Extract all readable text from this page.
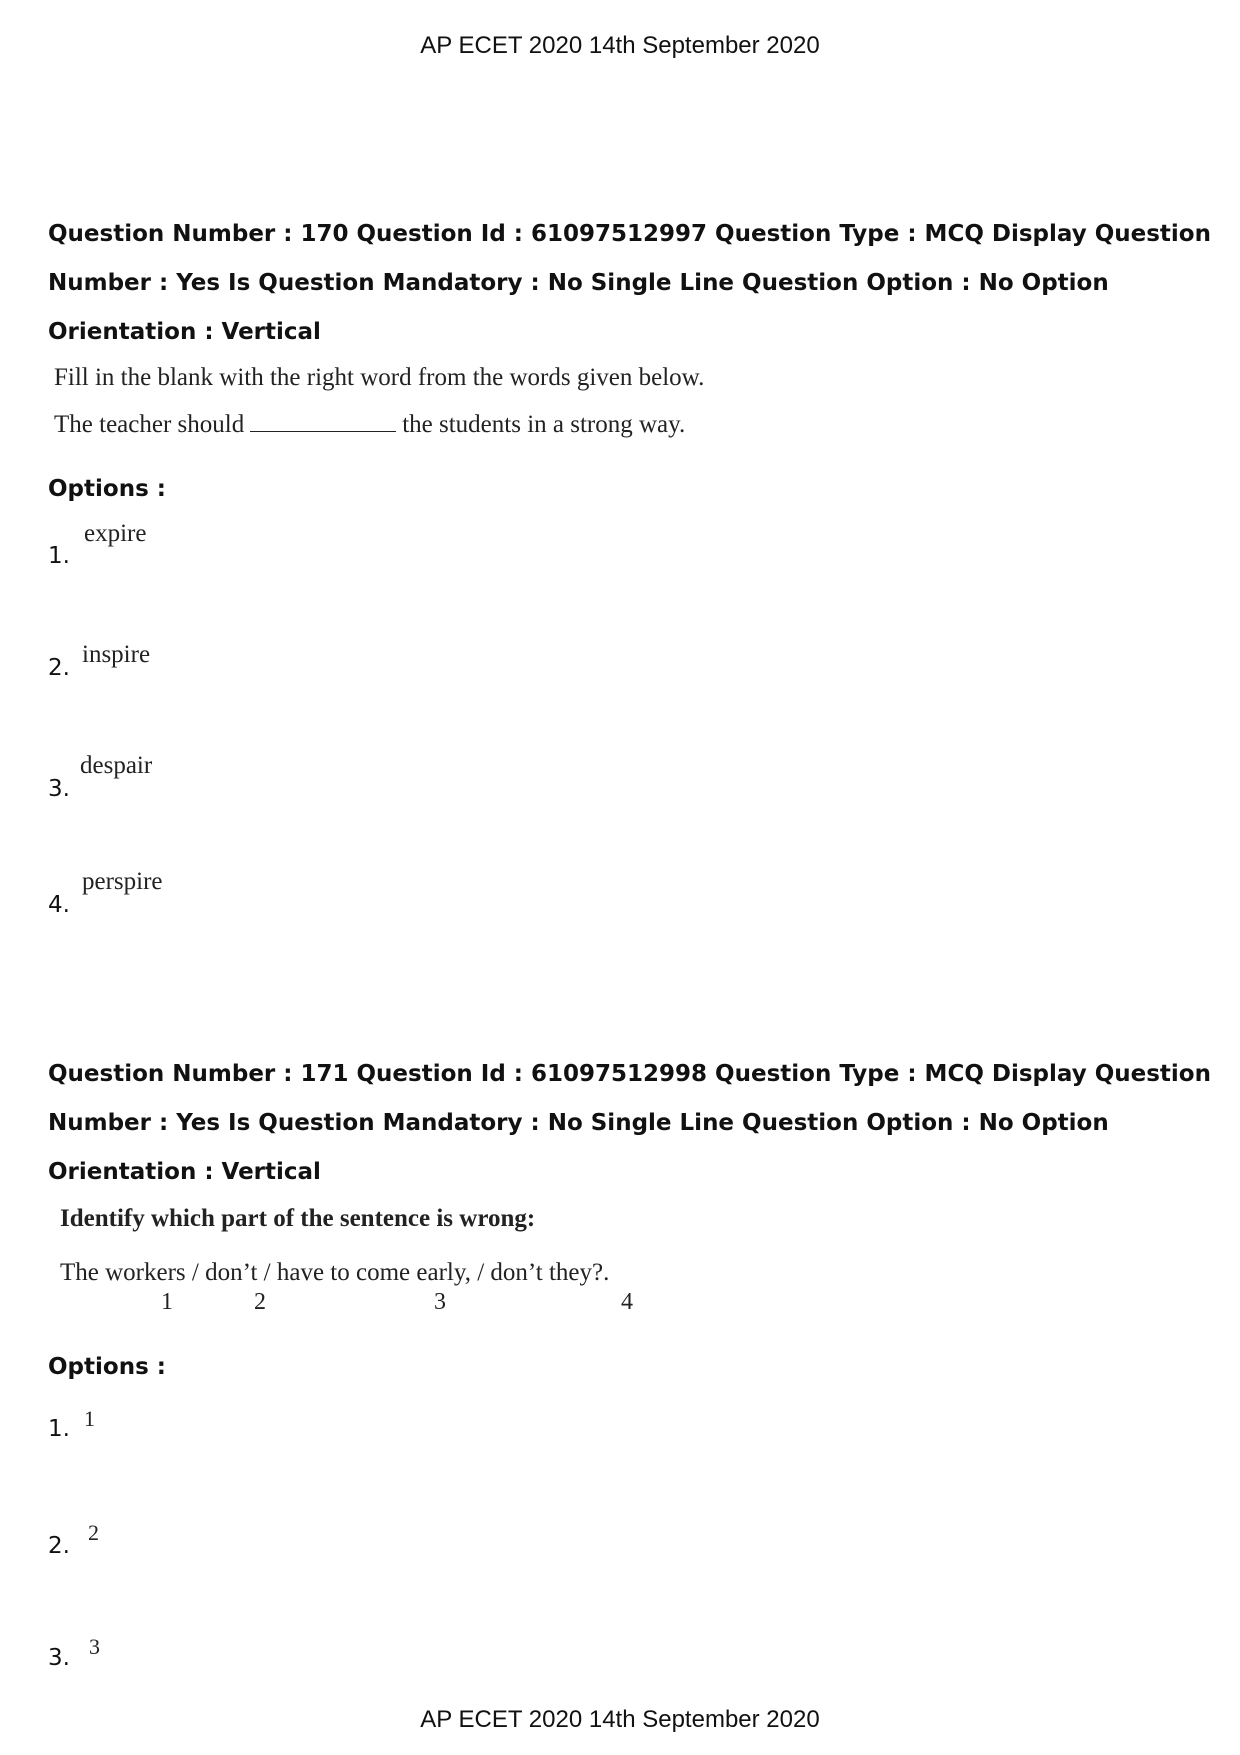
AP ECET 2020 14th September 2020
Question Number : 170 Question Id : 61097512997 Question Type : MCQ Display Question
Number : Yes Is Question Mandatory : No Single Line Question Option : No Option
Orientation : Vertical
Fill in the blank with the right word from the words given below.
The teacher should	the students in a strong way.
Options :
1.
expire
2. inspire
3.
despair
4.
perspire
Question Number : 171 Question Id : 61097512998 Question Type : MCQ Display Question
Number : Yes Is Question Mandatory : No Single Line Question Option : No Option
Orientation : Vertical
Identify which part of the sentence is wrong:
The workers / don’t / have to come early, / don’t they?.
1	2	3	4
Options :
1. 1
2.
2
3. 3
AP ECET 2020 14th September 2020
